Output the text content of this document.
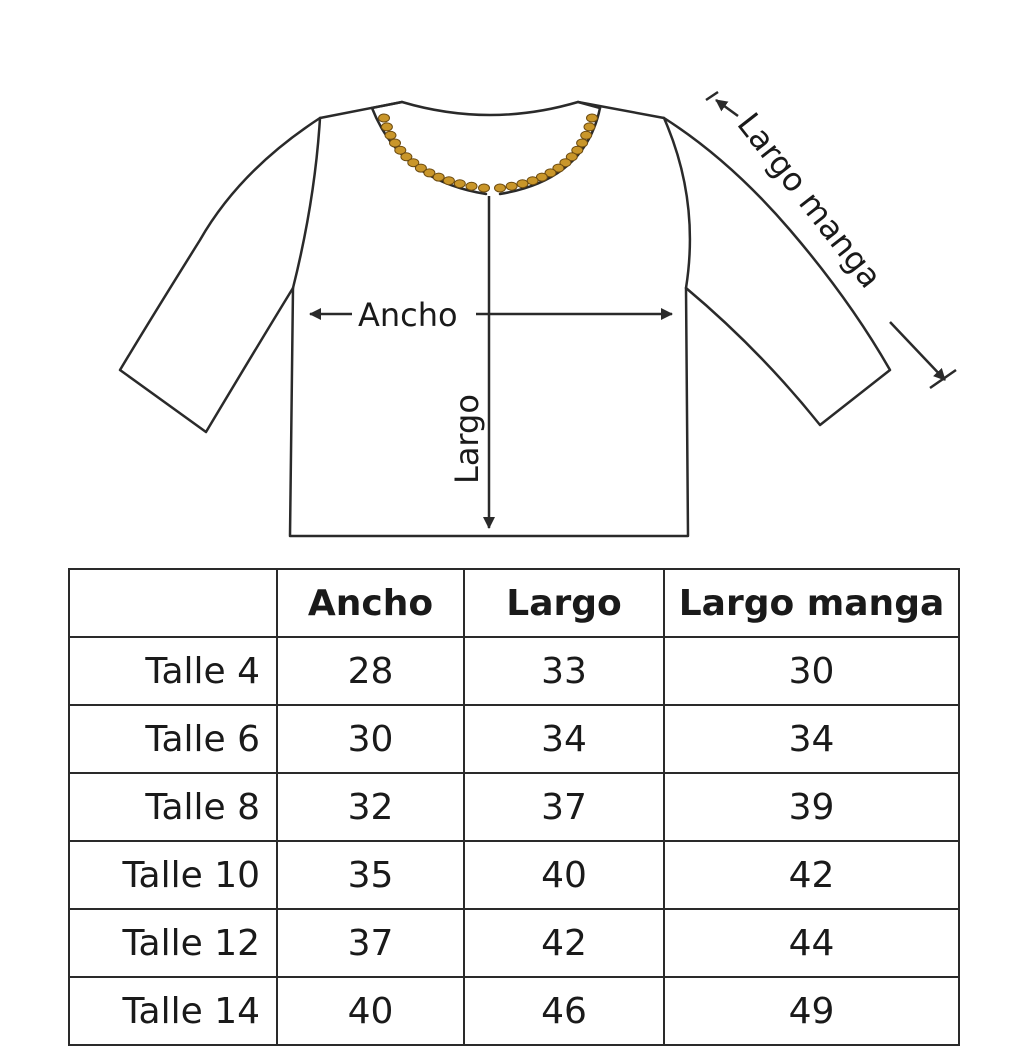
Ancho
Largo
Largo manga
	Ancho	Largo	Largo manga
Talle 4	28	33	30
Talle 6	30	34	34
Talle 8	32	37	39
Talle 10	35	40	42
Talle 12	37	42	44
Talle 14	40	46	49
